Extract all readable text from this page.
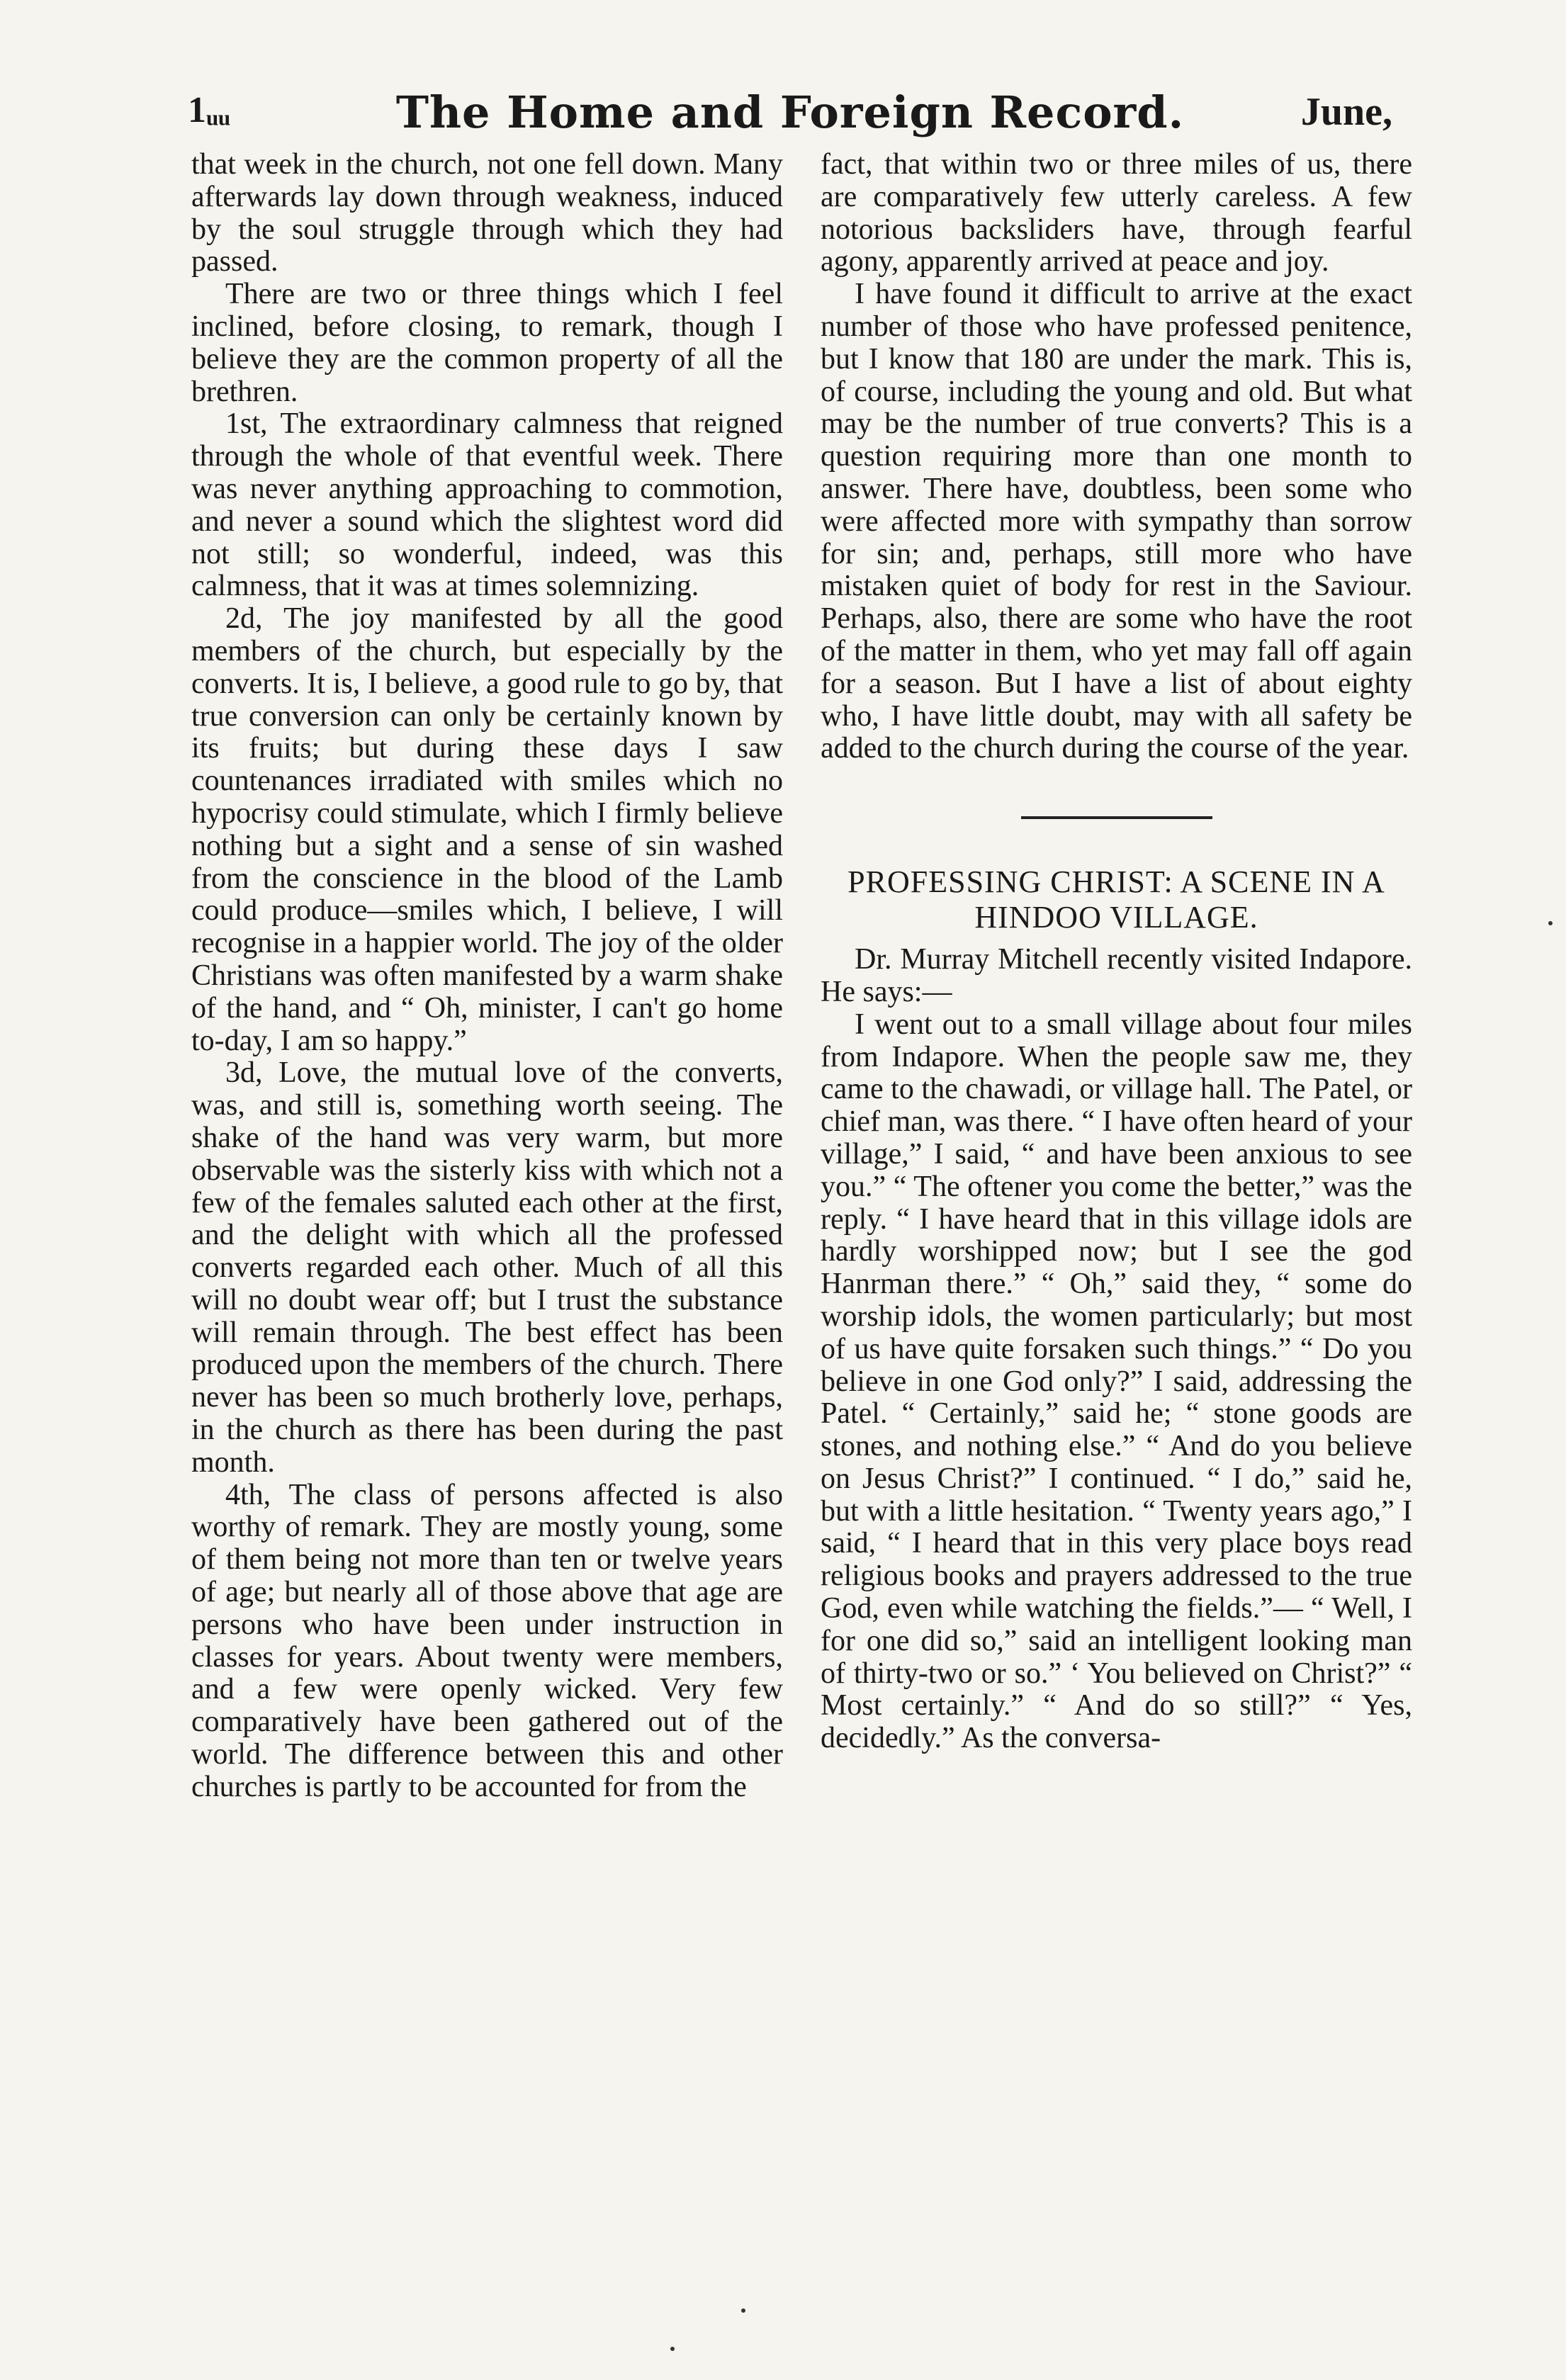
1ᵤᵤ	The Home and Foreign Record.	June,

that week in the church, not one fell down. Many afterwards lay down through weakness, induced by the soul struggle through which they had passed.

There are two or three things which I feel inclined, before closing, to remark, though I believe they are the common property of all the brethren.

1st, The extraordinary calmness that reigned through the whole of that eventful week. There was never anything approaching to commotion, and never a sound which the slightest word did not still; so wonderful, indeed, was this calmness, that it was at times solemnizing.

2d, The joy manifested by all the good members of the church, but especially by the converts. It is, I believe, a good rule to go by, that true conversion can only be certainly known by its fruits; but during these days I saw countenances irradiated with smiles which no hypocrisy could stimulate, which I firmly believe nothing but a sight and a sense of sin washed from the conscience in the blood of the Lamb could produce—smiles which, I believe, I will recognise in a happier world. The joy of the older Christians was often manifested by a warm shake of the hand, and “ Oh, minister, I can't go home to-day, I am so happy.”

3d, Love, the mutual love of the converts, was, and still is, something worth seeing. The shake of the hand was very warm, but more observable was the sisterly kiss with which not a few of the females saluted each other at the first, and the delight with which all the professed converts regarded each other. Much of all this will no doubt wear off; but I trust the substance will remain through. The best effect has been produced upon the members of the church. There never has been so much brotherly love, perhaps, in the church as there has been during the past month.

4th, The class of persons affected is also worthy of remark. They are mostly young, some of them being not more than ten or twelve years of age; but nearly all of those above that age are persons who have been under instruction in classes for years. About twenty were members, and a few were openly wicked. Very few comparatively have been gathered out of the world. The difference between this and other churches is partly to be accounted for from the

fact, that within two or three miles of us, there are comparatively few utterly careless. A few notorious backsliders have, through fearful agony, apparently arrived at peace and joy.

I have found it difficult to arrive at the exact number of those who have professed penitence, but I know that 180 are under the mark. This is, of course, including the young and old. But what may be the number of true converts? This is a question requiring more than one month to answer. There have, doubtless, been some who were affected more with sympathy than sorrow for sin; and, perhaps, still more who have mistaken quiet of body for rest in the Saviour. Perhaps, also, there are some who have the root of the matter in them, who yet may fall off again for a season. But I have a list of about eighty who, I have little doubt, may with all safety be added to the church during the course of the year.

PROFESSING CHRIST: A SCENE IN A HINDOO VILLAGE.

Dr. Murray Mitchell recently visited Indapore. He says:—

I went out to a small village about four miles from Indapore. When the people saw me, they came to the chawadi, or village hall. The Patel, or chief man, was there. “ I have often heard of your village,” I said, “ and have been anxious to see you.” “ The oftener you come the better,” was the reply. “ I have heard that in this village idols are hardly worshipped now; but I see the god Hanrman there.” “ Oh,” said they, “ some do worship idols, the women particularly; but most of us have quite forsaken such things.” “ Do you believe in one God only?” I said, addressing the Patel. “ Certainly,” said he; “ stone goods are stones, and nothing else.” “ And do you believe on Jesus Christ?” I continued. “ I do,” said he, but with a little hesitation. “ Twenty years ago,” I said, “ I heard that in this very place boys read religious books and prayers addressed to the true God, even while watching the fields.”— “ Well, I for one did so,” said an intelligent looking man of thirty-two or so.” ‘ You believed on Christ?” “ Most certainly.” “ And do so still?” “ Yes, decidedly.” As the conversa-
